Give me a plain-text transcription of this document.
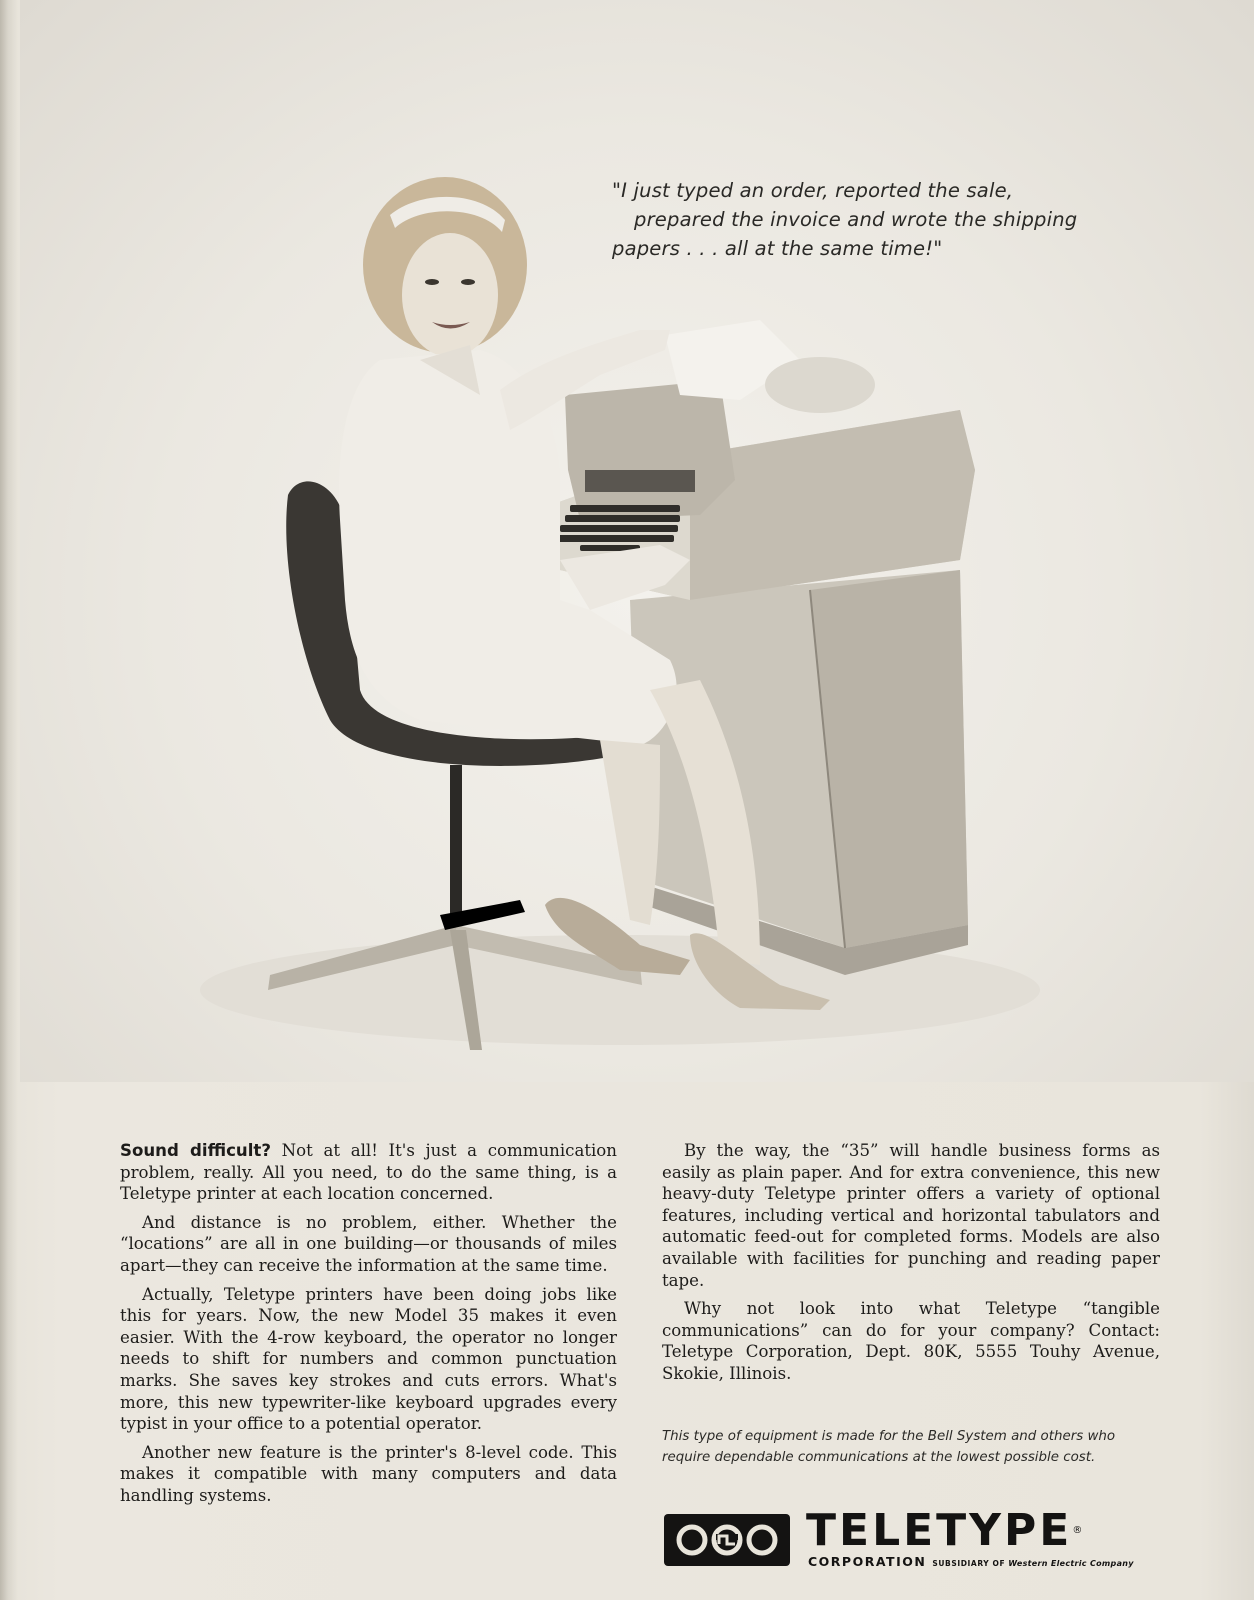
"I just typed an order, reported the sale,
prepared the invoice and wrote the shipping
papers . . . all at the same time!"

Sound difficult? Not at all! It's just a communication problem, really. All you need, to do the same thing, is a Teletype printer at each location concerned.

And distance is no problem, either. Whether the “locations” are all in one building—or thousands of miles apart—they can receive the information at the same time.

Actually, Teletype printers have been doing jobs like this for years. Now, the new Model 35 makes it even easier. With the 4-row keyboard, the operator no longer needs to shift for numbers and common punctuation marks. She saves key strokes and cuts errors. What's more, this new typewriter-like keyboard upgrades every typist in your office to a potential operator.

Another new feature is the printer's 8-level code. This makes it compatible with many computers and data handling systems.

By the way, the “35” will handle business forms as easily as plain paper. And for extra convenience, this new heavy-duty Teletype printer offers a variety of optional features, including vertical and horizontal tabulators and automatic feed-out for completed forms. Models are also available with facilities for punching and reading paper tape.

Why not look into what Teletype “tangible communications” can do for your company? Contact: Teletype Corporation, Dept. 80K, 5555 Touhy Avenue, Skokie, Illinois.

This type of equipment is made for the Bell System and others who require dependable communications at the lowest possible cost.
TELETYPE®
CORPORATION SUBSIDIARY OF Western Electric Company
